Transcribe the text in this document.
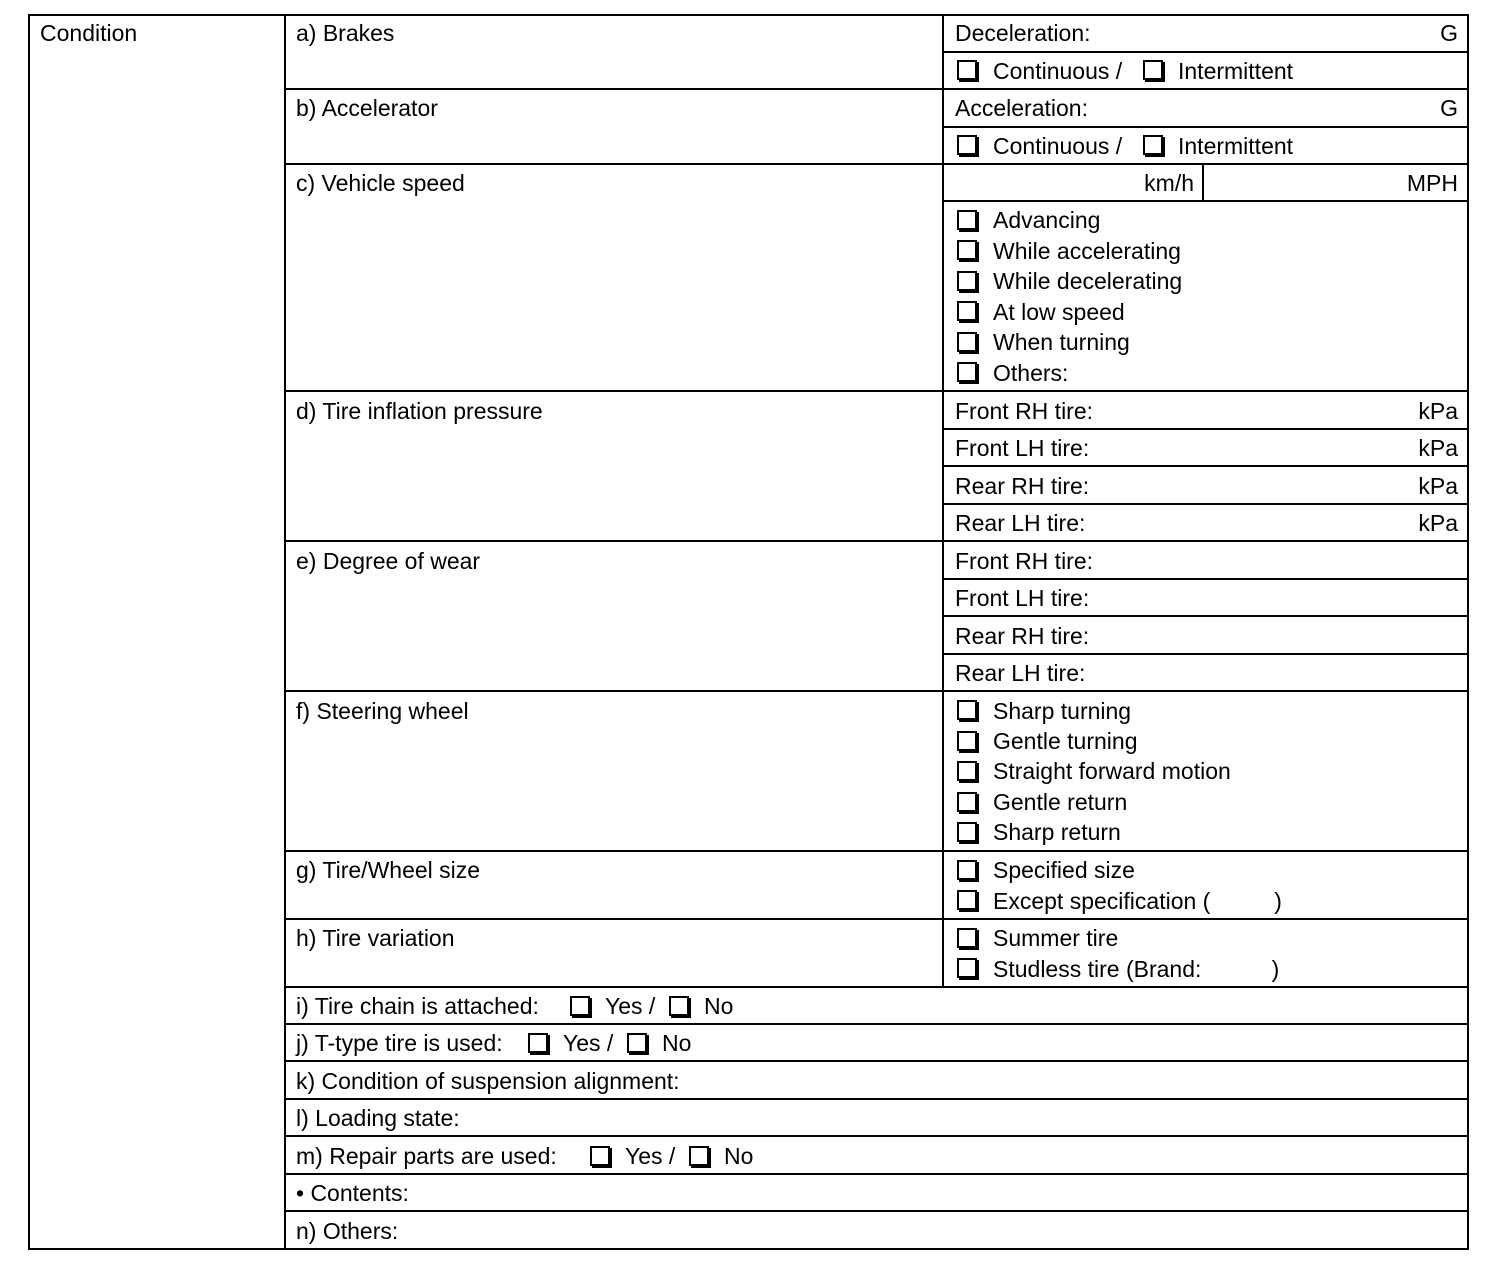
Condition	a) Brakes	Deceleration:	G
Continuous / Intermittent
b) Accelerator	Acceleration:	G
Continuous / Intermittent
c) Vehicle speed	km/h	MPH
Advancing
While accelerating
While decelerating
At low speed
When turning
Others:
d) Tire inflation pressure	Front RH tire:	kPa
Front LH tire:	kPa
Rear RH tire:	kPa
Rear LH tire:	kPa
e) Degree of wear	Front RH tire:
Front LH tire:
Rear RH tire:
Rear LH tire:
f) Steering wheel	Sharp turning
Gentle turning
Straight forward motion
Gentle return
Sharp return
g) Tire/Wheel size	Specified size
Except specification (          )
h) Tire variation	Summer tire
Studless tire (Brand:           )
i) Tire chain is attached:	Yes / No
j) T-type tire is used:	Yes / No
k) Condition of suspension alignment:
l) Loading state:
m) Repair parts are used:	Yes / No
• Contents:
n) Others:
